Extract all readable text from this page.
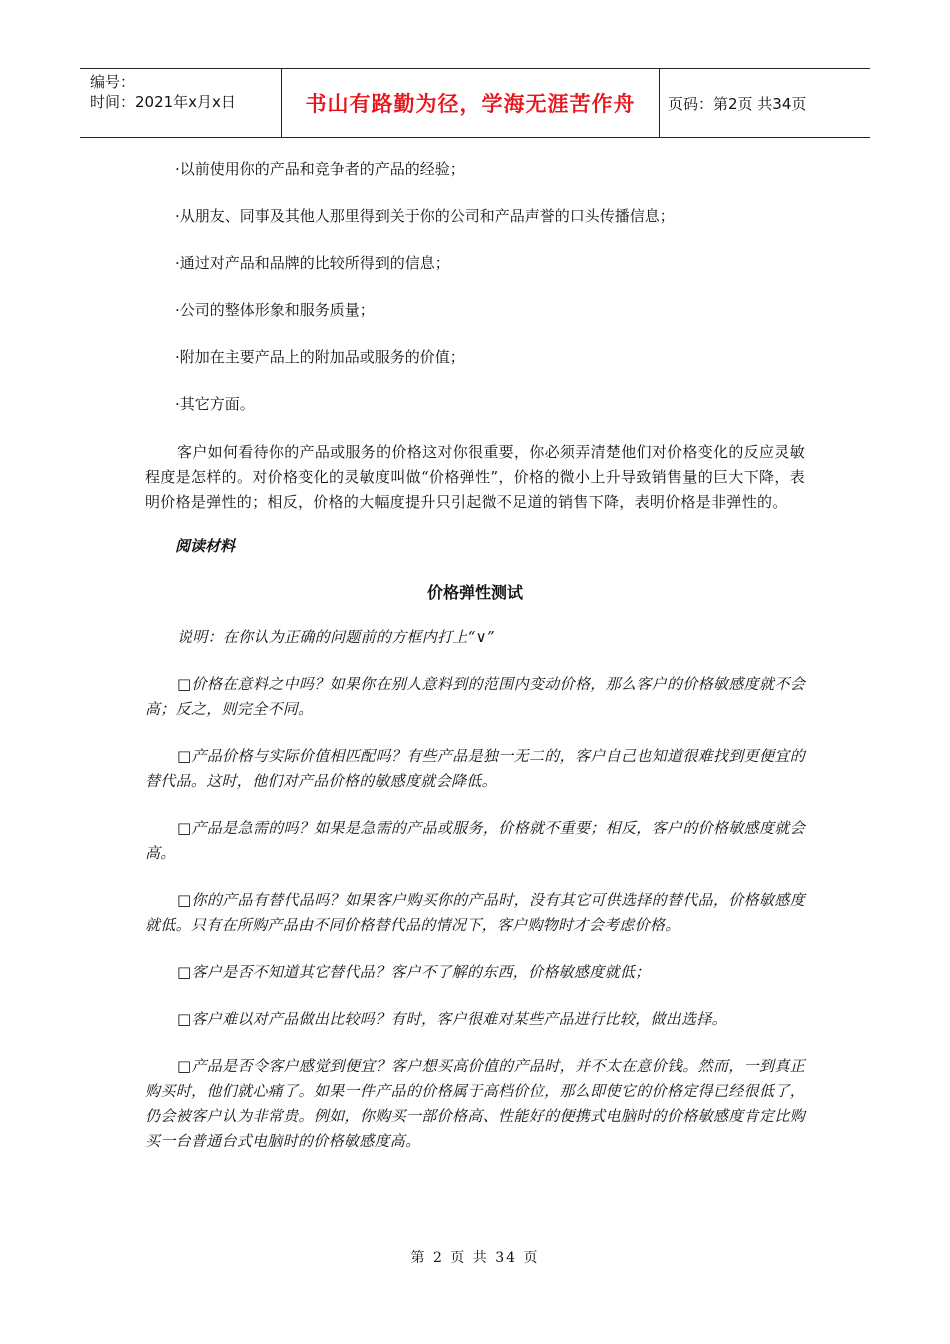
编号：
时间：2021年x月x日	书山有路勤为径，学海无涯苦作舟	页码：第2页 共34页
·以前使用你的产品和竞争者的产品的经验；
·从朋友、同事及其他人那里得到关于你的公司和产品声誉的口头传播信息；
·通过对产品和品牌的比较所得到的信息；
·公司的整体形象和服务质量；
·附加在主要产品上的附加品或服务的价值；
·其它方面。

客户如何看待你的产品或服务的价格这对你很重要，你必须弄清楚他们对价格变化的反应灵敏程度是怎样的。对价格变化的灵敏度叫做“价格弹性”，价格的微小上升导致销售量的巨大下降，表明价格是弹性的；相反，价格的大幅度提升只引起微不足道的销售下降，表明价格是非弹性的。

阅读材料
价格弹性测试

说明：在你认为正确的问题前的方框内打上“∨”

□价格在意料之中吗？如果你在别人意料到的范围内变动价格，那么客户的价格敏感度就不会高；反之，则完全不同。

□产品价格与实际价值相匹配吗？有些产品是独一无二的，客户自己也知道很难找到更便宜的替代品。这时，他们对产品价格的敏感度就会降低。

□产品是急需的吗？如果是急需的产品或服务，价格就不重要；相反，客户的价格敏感度就会高。

□你的产品有替代品吗？如果客户购买你的产品时，没有其它可供选择的替代品，价格敏感度就低。只有在所购产品由不同价格替代品的情况下，客户购物时才会考虑价格。

□客户是否不知道其它替代品？客户不了解的东西，价格敏感度就低；

□客户难以对产品做出比较吗？有时，客户很难对某些产品进行比较，做出选择。

□产品是否令客户感觉到便宜？客户想买高价值的产品时，并不太在意价钱。然而，一到真正购买时，他们就心痛了。如果一件产品的价格属于高档价位，那么即使它的价格定得已经很低了，仍会被客户认为非常贵。例如，你购买一部价格高、性能好的便携式电脑时的价格敏感度肯定比购买一台普通台式电脑时的价格敏感度高。

第 2 页 共 34 页
